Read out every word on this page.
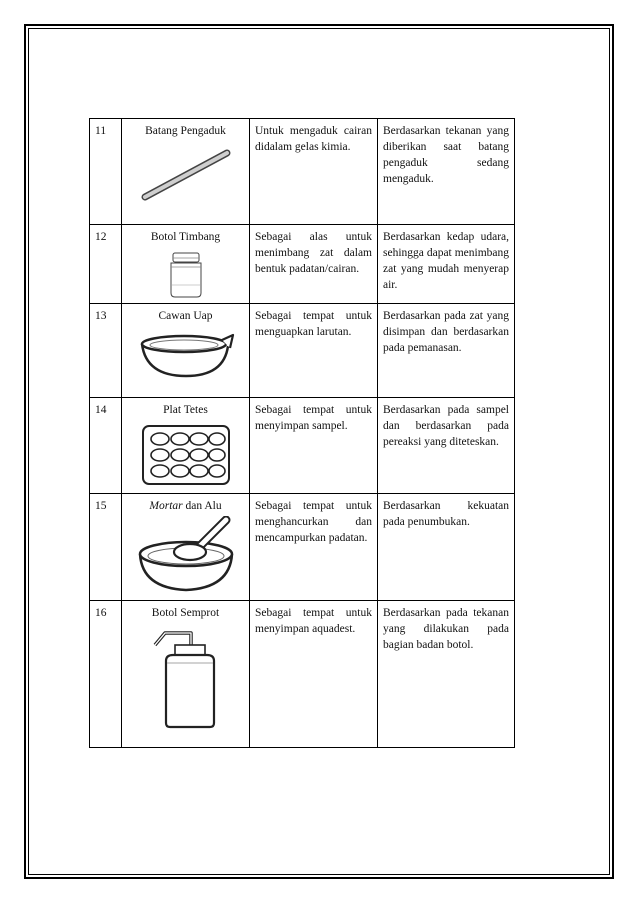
11	Batang Pengaduk	Untuk mengaduk cairan didalam gelas kimia.	Berdasarkan tekanan yang diberikan saat batang pengaduk sedang mengaduk.
12	Botol Timbang	Sebagai alas untuk menimbang zat dalam bentuk padatan/cairan.	Berdasarkan kedap udara, sehingga dapat menimbang zat yang mudah menyerap air.
13	Cawan Uap	Sebagai tempat untuk menguapkan larutan.	Berdasarkan pada zat yang disimpan dan berdasarkan pada pemanasan.
14	Plat Tetes	Sebagai tempat untuk menyimpan sampel.	Berdasarkan pada sampel dan berdasarkan pada pereaksi yang diteteskan.
15	Mortar dan Alu	Sebagai tempat untuk menghancurkan dan mencampurkan padatan.	Berdasarkan kekuatan pada penumbukan.
16	Botol Semprot	Sebagai tempat untuk menyimpan aquadest.	Berdasarkan pada tekanan yang dilakukan pada bagian badan botol.
